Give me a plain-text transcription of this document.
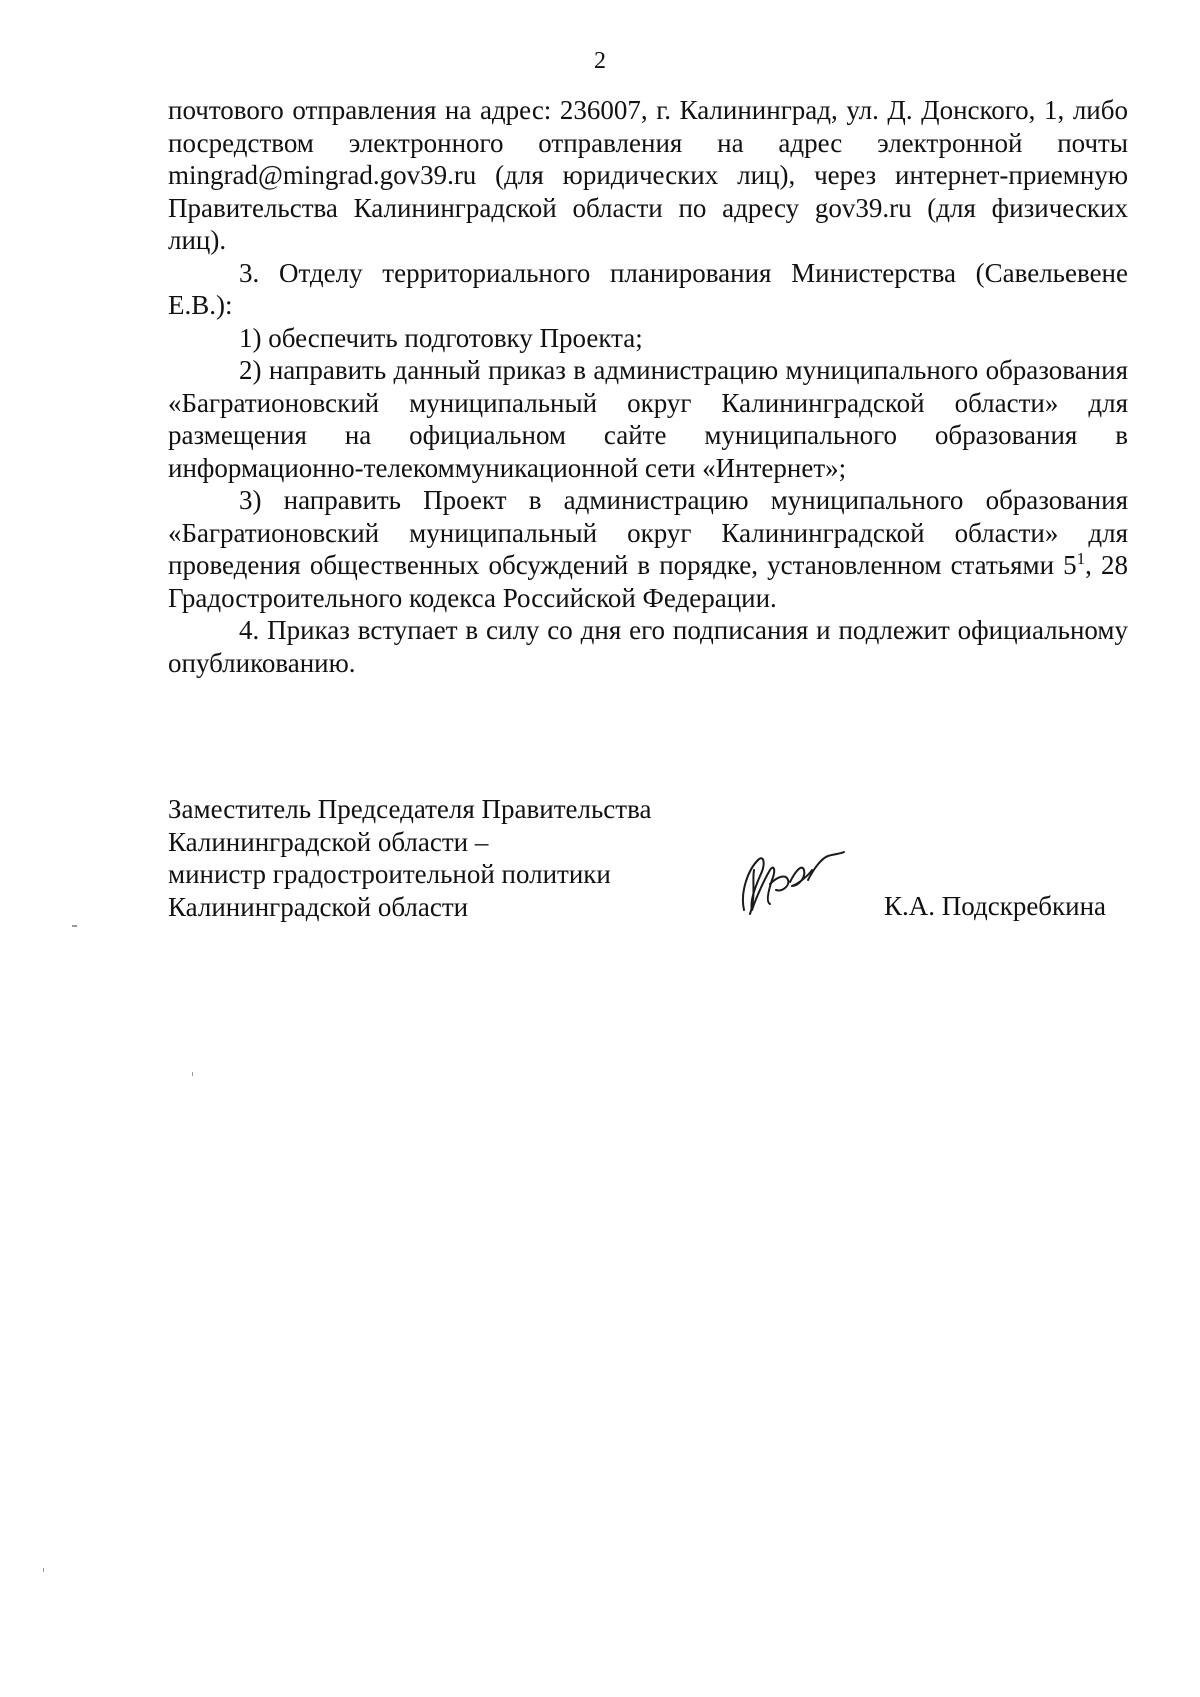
2

почтового отправления на адрес: 236007, г. Калининград, ул. Д. Донского, 1, либо посредством электронного отправления на адрес электронной почты mingrad@mingrad.gov39.ru (для юридических лиц), через интернет-приемную Правительства Калининградской области по адресу gov39.ru (для физических лиц).

3. Отделу территориального планирования Министерства (Савельевене Е.В.):

1) обеспечить подготовку Проекта;

2) направить данный приказ в администрацию муниципального образования «Багратионовский муниципальный округ Калининградской области» для размещения на официальном сайте муниципального образования в информационно-телекоммуникационной сети «Интернет»;

3) направить Проект в администрацию муниципального образования «Багратионовский муниципальный округ Калининградской области» для проведения общественных обсуждений в порядке, установленном статьями $5^1$, 28 Градостроительного кодекса Российской Федерации.

4. Приказ вступает в силу со дня его подписания и подлежит официальному опубликованию.

Заместитель Председателя Правительства
Калининградской области –
министр градостроительной политики
Калининградской области	К.А. Подскребкина
